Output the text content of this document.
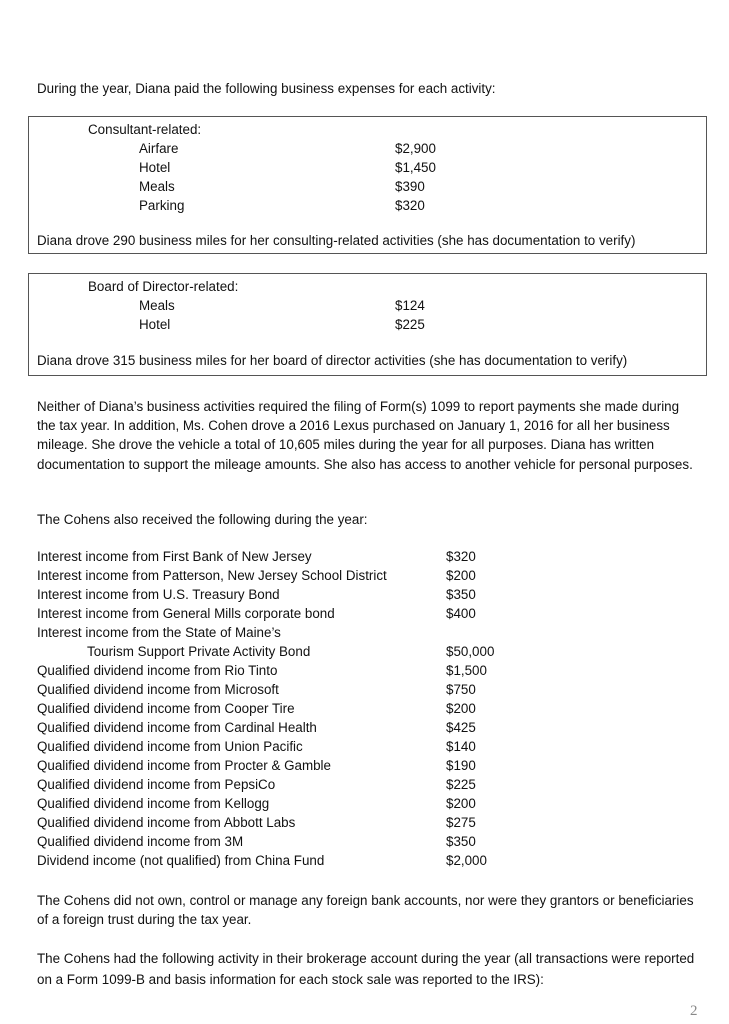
During the year, Diana paid the following business expenses for each activity:
Consultant-related:
Airfare	$2,900
Hotel	$1,450
Meals	$390
Parking	$320
Diana drove 290 business miles for her consulting-related activities (she has documentation to verify)
Board of Director-related:
Meals	$124
Hotel	$225
Diana drove 315 business miles for her board of director activities (she has documentation to verify)
Neither of Diana’s business activities required the filing of Form(s) 1099 to report payments she made during the tax year. In addition, Ms. Cohen drove a 2016 Lexus purchased on January 1, 2016 for all her business mileage. She drove the vehicle a total of 10,605 miles during the year for all purposes. Diana has written documentation to support the mileage amounts. She also has access to another vehicle for personal purposes.
The Cohens also received the following during the year:
Interest income from First Bank of New Jersey	$320
Interest income from Patterson, New Jersey School District	$200
Interest income from U.S. Treasury Bond	$350
Interest income from General Mills corporate bond	$400
Interest income from the State of Maine’s
Tourism Support Private Activity Bond	$50,000
Qualified dividend income from Rio Tinto	$1,500
Qualified dividend income from Microsoft	$750
Qualified dividend income from Cooper Tire	$200
Qualified dividend income from Cardinal Health	$425
Qualified dividend income from Union Pacific	$140
Qualified dividend income from Procter & Gamble	$190
Qualified dividend income from PepsiCo	$225
Qualified dividend income from Kellogg	$200
Qualified dividend income from Abbott Labs	$275
Qualified dividend income from 3M	$350
Dividend income (not qualified) from China Fund	$2,000
The Cohens did not own, control or manage any foreign bank accounts, nor were they grantors or beneficiaries of a foreign trust during the tax year.
The Cohens had the following activity in their brokerage account during the year (all transactions were reported on a Form 1099-B and basis information for each stock sale was reported to the IRS):
2
